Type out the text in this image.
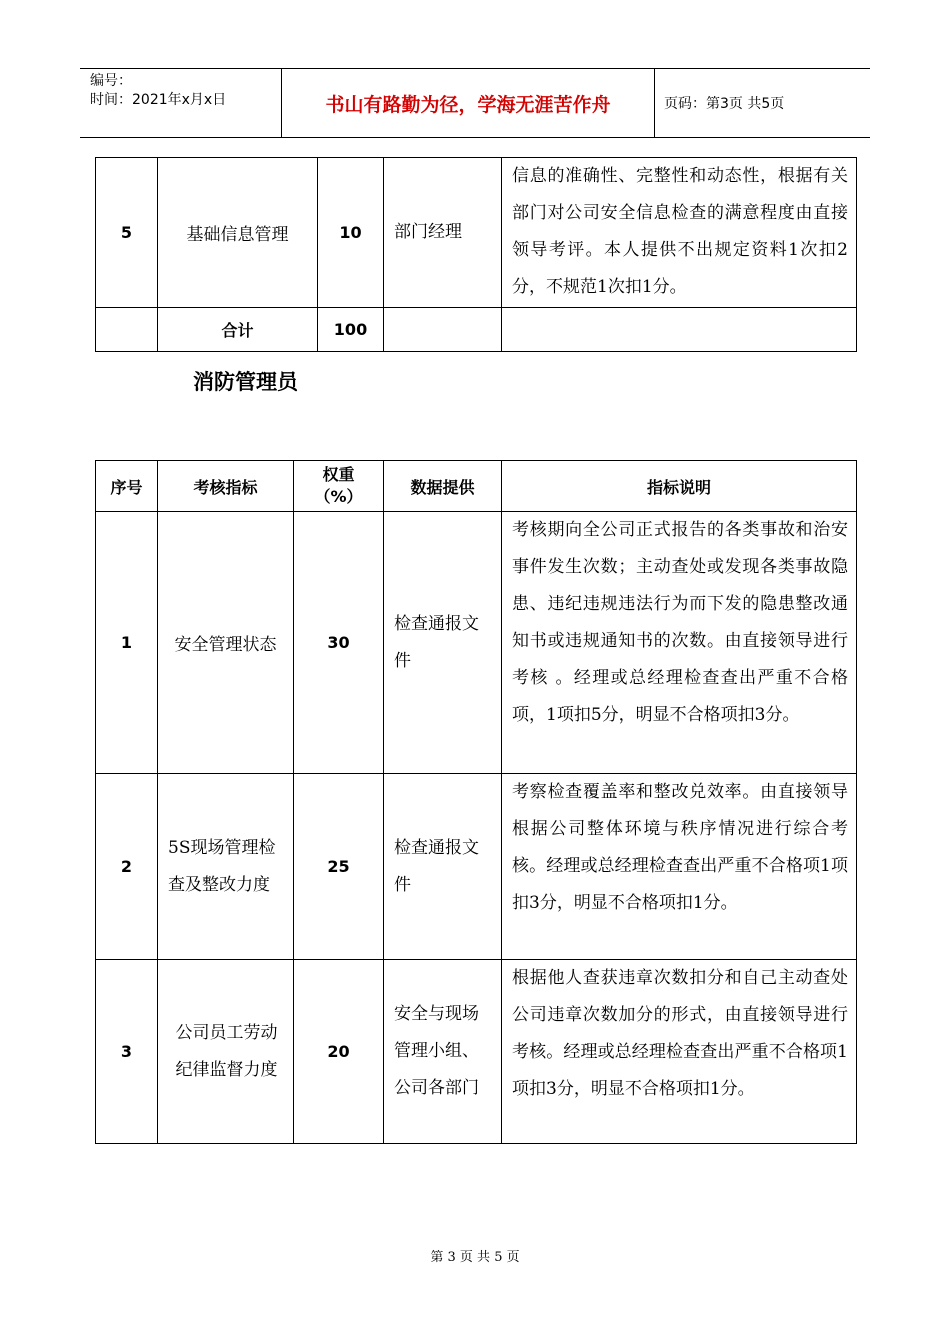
编号：
时间：2021年x月x日	书山有路勤为径，学海无涯苦作舟	页码：第3页 共5页
5	基础信息管理	10	部门经理	信息的准确性、完整性和动态性，根据有关部门对公司安全信息检查的满意程度由直接领导考评。本人提供不出规定资料1次扣2分，不规范1次扣1分。
	合计	100		
消防管理员
序号	考核指标	权重（%）	数据提供	指标说明
1	安全管理状态	30	检查通报文件	考核期向全公司正式报告的各类事故和治安事件发生次数；主动查处或发现各类事故隐患、违纪违规违法行为而下发的隐患整改通知书或违规通知书的次数。由直接领导进行考核 。经理或总经理检查查出严重不合格项，1项扣5分，明显不合格项扣3分。
2	5S现场管理检查及整改力度	25	检查通报文件	考察检查覆盖率和整改兑效率。由直接领导根据公司整体环境与秩序情况进行综合考核。经理或总经理检查查出严重不合格项1项扣3分，明显不合格项扣1分。
3	公司员工劳动纪律监督力度	20	安全与现场管理小组、公司各部门	根据他人查获违章次数扣分和自己主动查处公司违章次数加分的形式，由直接领导进行考核。经理或总经理检查查出严重不合格项1项扣3分，明显不合格项扣1分。
第 3 页 共 5 页
